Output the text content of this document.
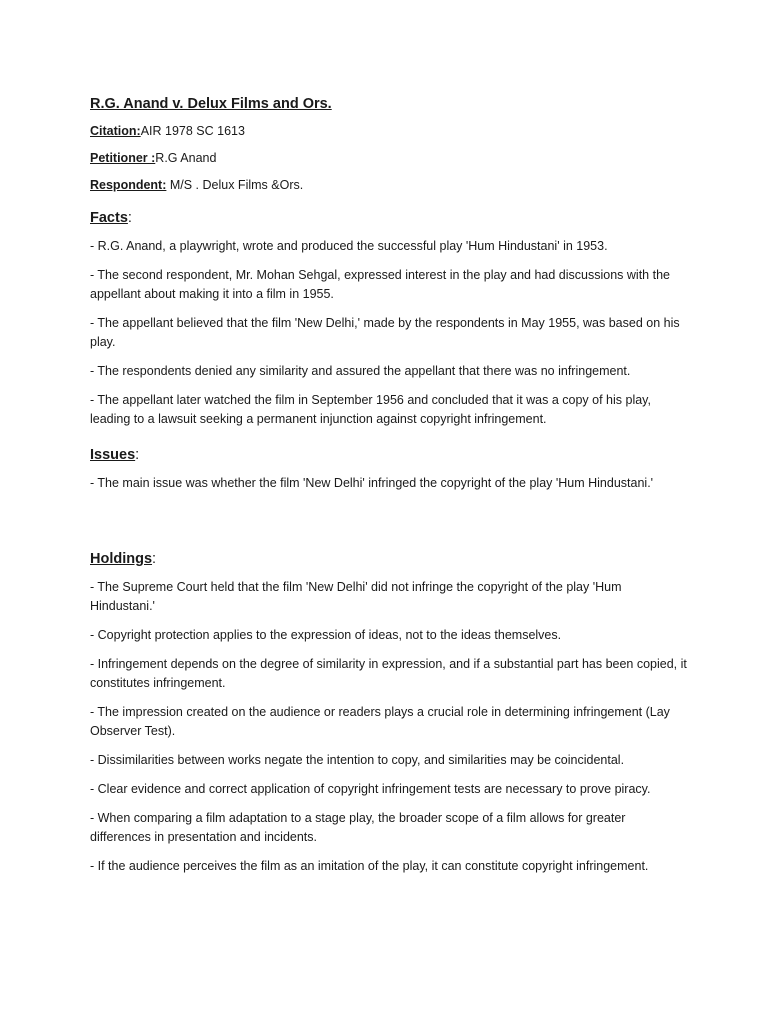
R.G. Anand v. Delux Films and Ors.
Citation:AIR 1978 SC 1613
Petitioner :R.G Anand
Respondent: M/S . Delux Films &Ors.
Facts:
- R.G. Anand, a playwright, wrote and produced the successful play 'Hum Hindustani' in 1953.
- The second respondent, Mr. Mohan Sehgal, expressed interest in the play and had discussions with the appellant about making it into a film in 1955.
- The appellant believed that the film 'New Delhi,' made by the respondents in May 1955, was based on his play.
- The respondents denied any similarity and assured the appellant that there was no infringement.
- The appellant later watched the film in September 1956 and concluded that it was a copy of his play, leading to a lawsuit seeking a permanent injunction against copyright infringement.
Issues:
- The main issue was whether the film 'New Delhi' infringed the copyright of the play 'Hum Hindustani.'
Holdings:
- The Supreme Court held that the film 'New Delhi' did not infringe the copyright of the play 'Hum Hindustani.'
- Copyright protection applies to the expression of ideas, not to the ideas themselves.
- Infringement depends on the degree of similarity in expression, and if a substantial part has been copied, it constitutes infringement.
- The impression created on the audience or readers plays a crucial role in determining infringement (Lay Observer Test).
- Dissimilarities between works negate the intention to copy, and similarities may be coincidental.
- Clear evidence and correct application of copyright infringement tests are necessary to prove piracy.
- When comparing a film adaptation to a stage play, the broader scope of a film allows for greater differences in presentation and incidents.
- If the audience perceives the film as an imitation of the play, it can constitute copyright infringement.
